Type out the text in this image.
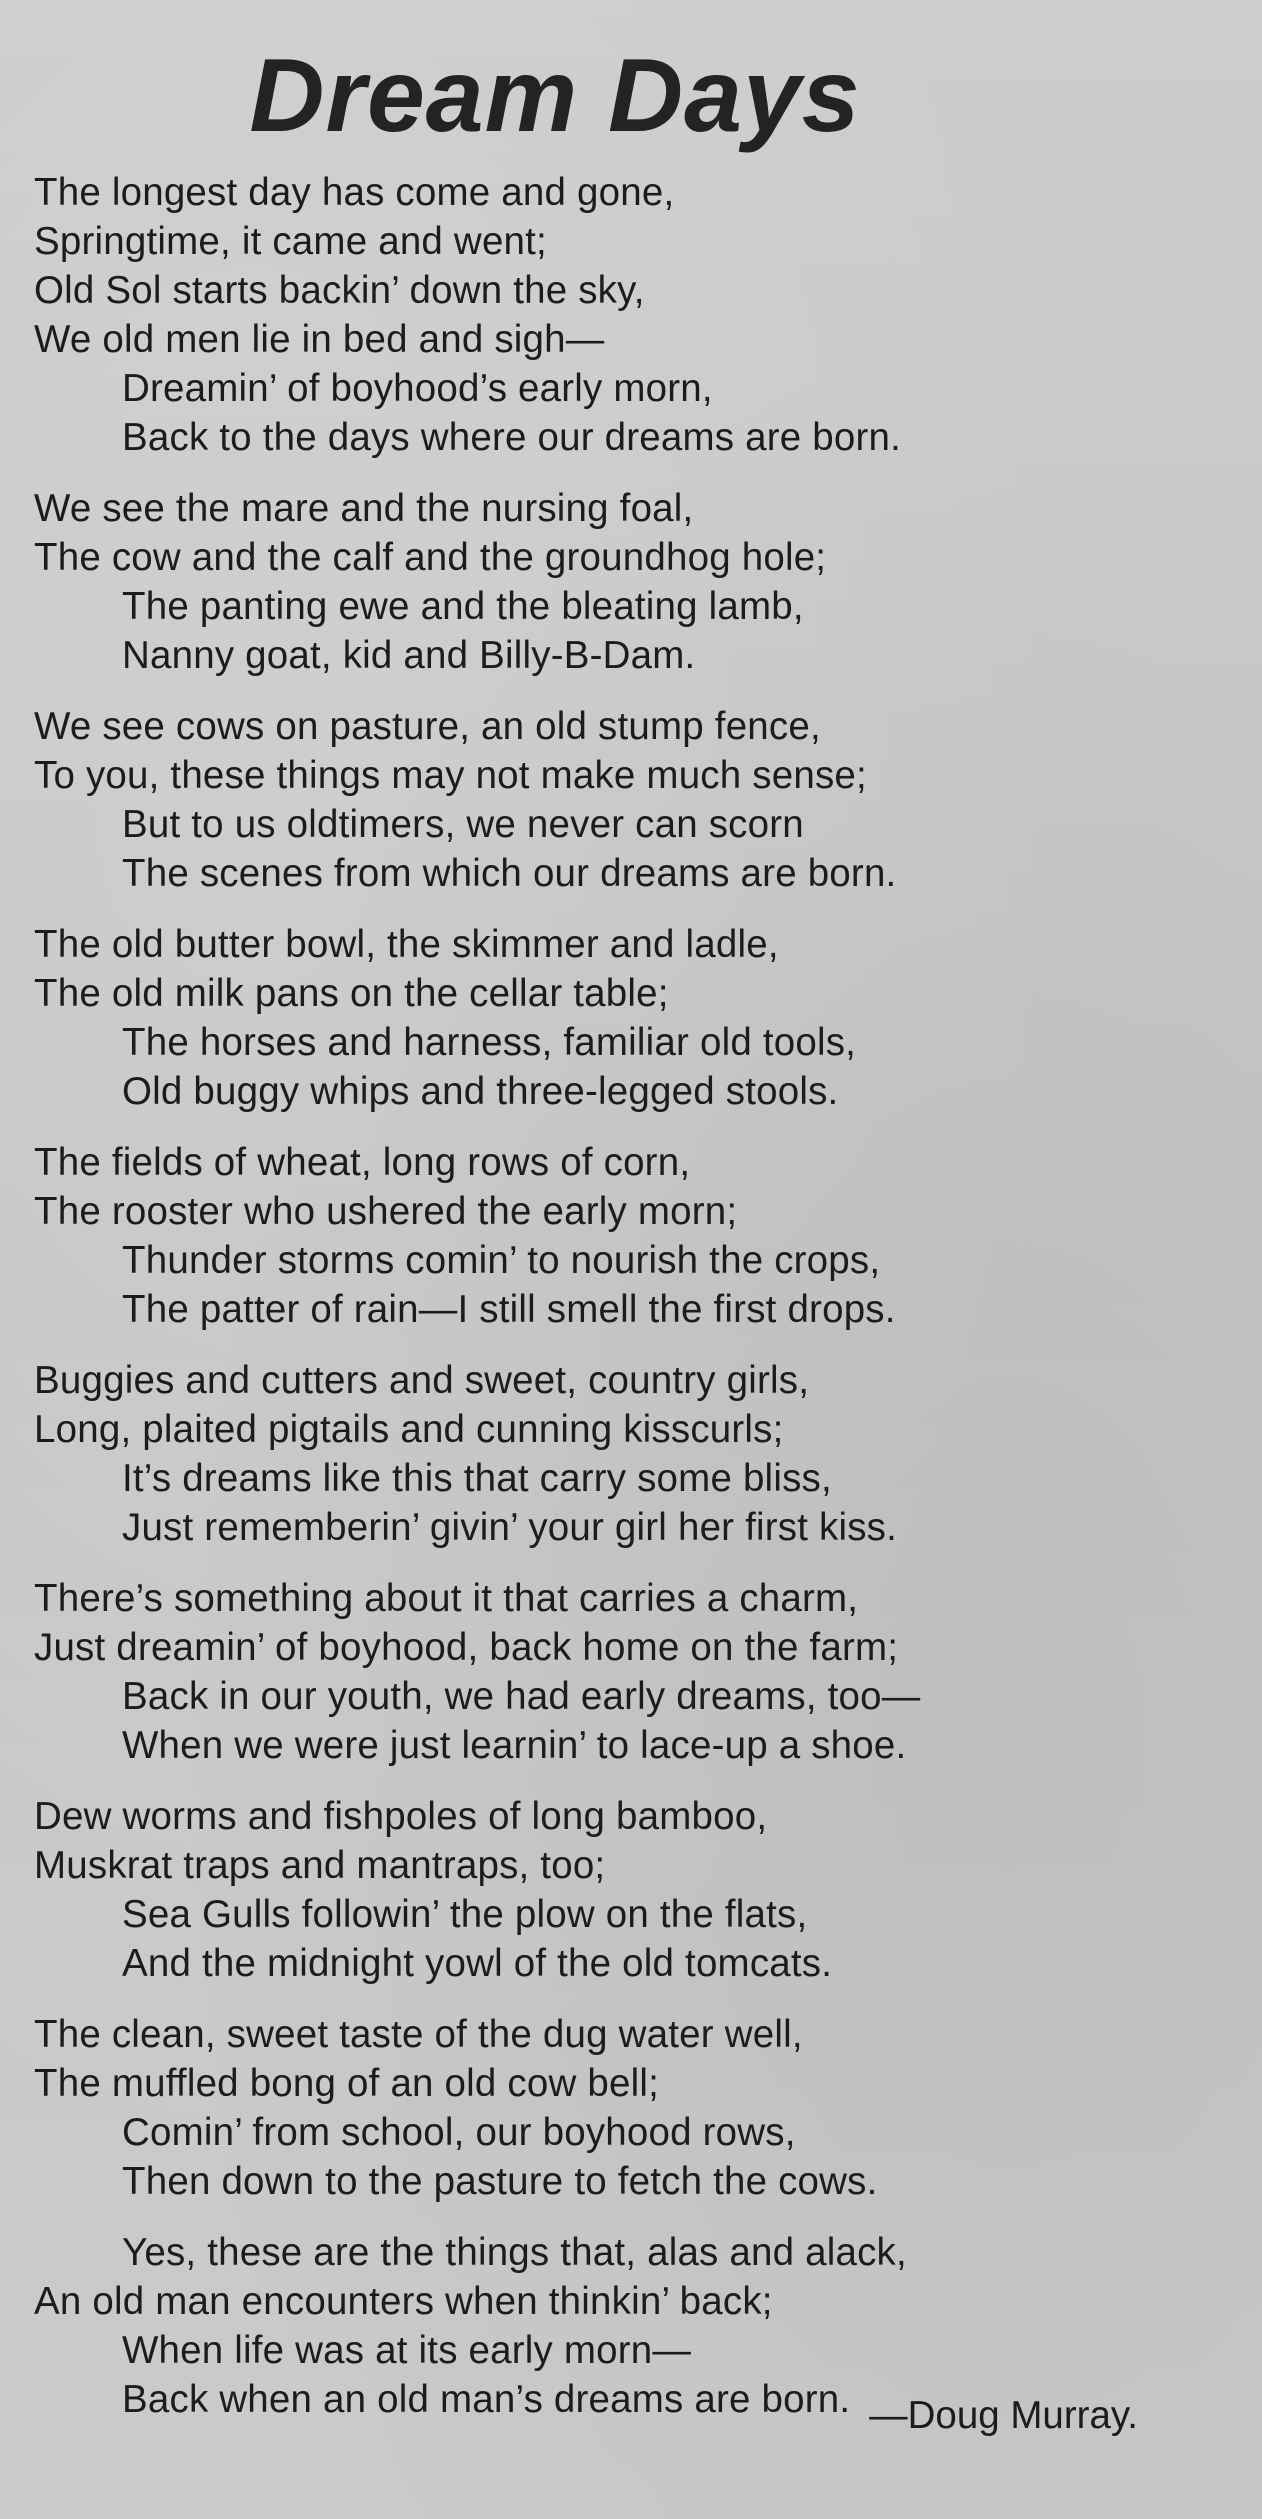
Dream Days
The longest day has come and gone,
Springtime, it came and went;
Old Sol starts backin’ down the sky,
We old men lie in bed and sigh—
Dreamin’ of boyhood’s early morn,
Back to the days where our dreams are born.
We see the mare and the nursing foal,
The cow and the calf and the groundhog hole;
The panting ewe and the bleating lamb,
Nanny goat, kid and Billy-B-Dam.
We see cows on pasture, an old stump fence,
To you, these things may not make much sense;
But to us oldtimers, we never can scorn
The scenes from which our dreams are born.
The old butter bowl, the skimmer and ladle,
The old milk pans on the cellar table;
The horses and harness, familiar old tools,
Old buggy whips and three-legged stools.
The fields of wheat, long rows of corn,
The rooster who ushered the early morn;
Thunder storms comin’ to nourish the crops,
The patter of rain—I still smell the first drops.
Buggies and cutters and sweet, country girls,
Long, plaited pigtails and cunning kisscurls;
It’s dreams like this that carry some bliss,
Just rememberin’ givin’ your girl her first kiss.
There’s something about it that carries a charm,
Just dreamin’ of boyhood, back home on the farm;
Back in our youth, we had early dreams, too—
When we were just learnin’ to lace-up a shoe.
Dew worms and fishpoles of long bamboo,
Muskrat traps and mantraps, too;
Sea Gulls followin’ the plow on the flats,
And the midnight yowl of the old tomcats.
The clean, sweet taste of the dug water well,
The muffled bong of an old cow bell;
Comin’ from school, our boyhood rows,
Then down to the pasture to fetch the cows.
Yes, these are the things that, alas and alack,
An old man encounters when thinkin’ back;
When life was at its early morn—
Back when an old man’s dreams are born. —Doug Murray.
